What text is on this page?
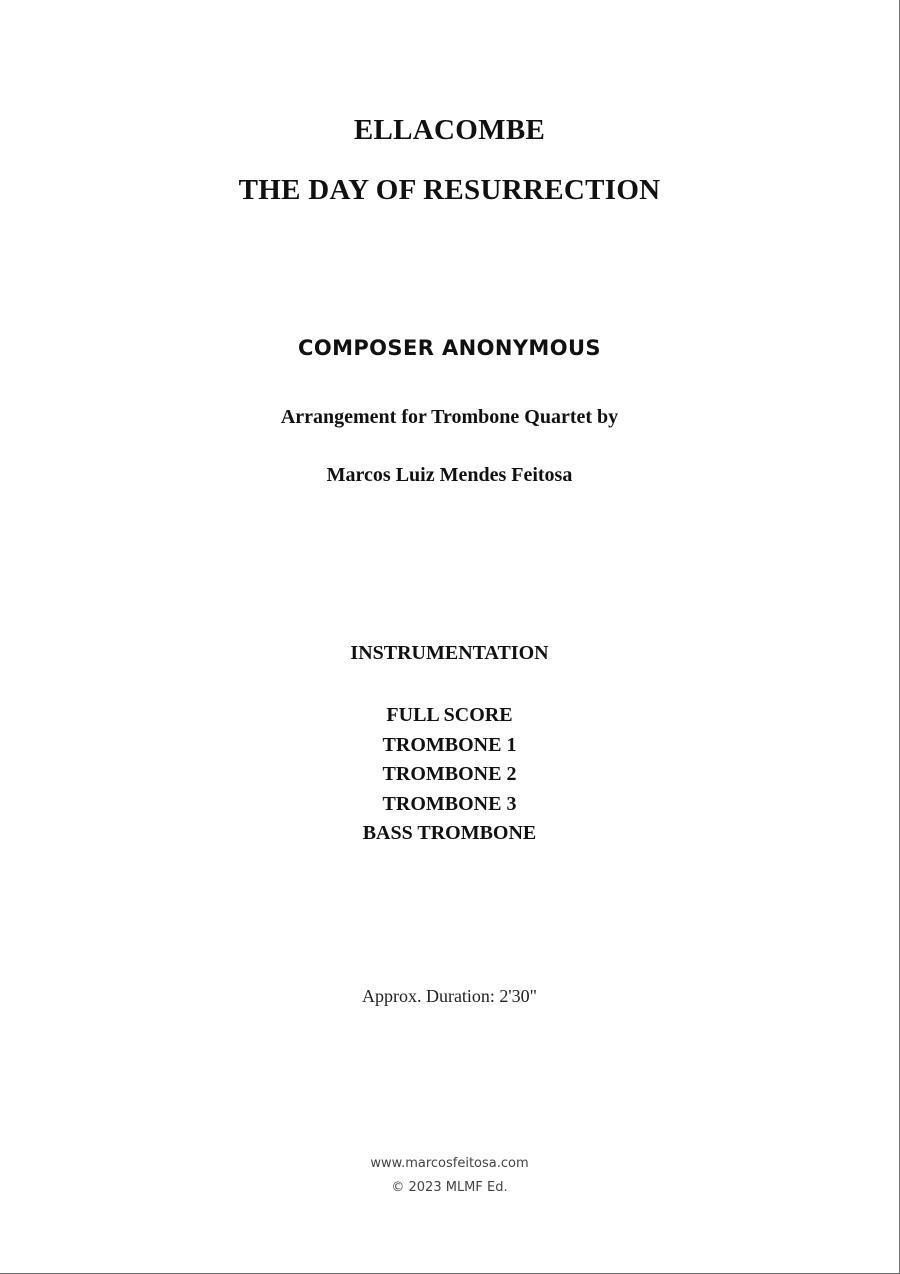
ELLACOMBE
THE DAY OF RESURRECTION
COMPOSER ANONYMOUS
Arrangement for Trombone Quartet by
Marcos Luiz Mendes Feitosa
INSTRUMENTATION
FULL SCORE
TROMBONE 1
TROMBONE 2
TROMBONE 3
BASS TROMBONE
Approx. Duration: 2'30"
www.marcosfeitosa.com
© 2023 MLMF Ed.
